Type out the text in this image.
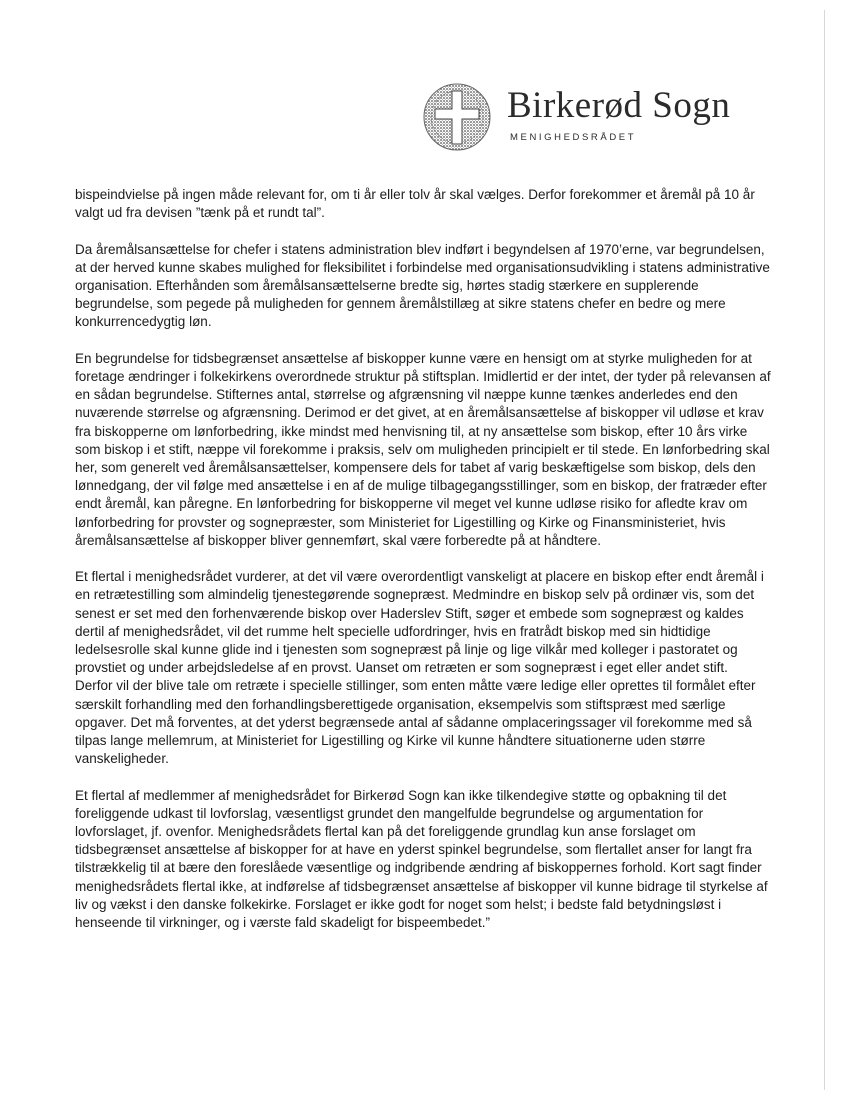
Birkerød Sogn
MENIGHEDSRÅDET

bispeindvielse på ingen måde relevant for, om ti år eller tolv år skal vælges. Derfor forekommer et åremål på 10 år valgt ud fra devisen ”tænk på et rundt tal”.

Da åremålsansættelse for chefer i statens administration blev indført i begyndelsen af 1970’erne, var begrundelsen, at der herved kunne skabes mulighed for fleksibilitet i forbindelse med organisationsudvikling i statens administrative organisation. Efterhånden som åremålsansættelserne bredte sig, hørtes stadig stærkere en supplerende begrundelse, som pegede på muligheden for gennem åremålstillæg at sikre statens chefer en bedre og mere konkurrencedygtig løn.

En begrundelse for tidsbegrænset ansættelse af biskopper kunne være en hensigt om at styrke muligheden for at foretage ændringer i folkekirkens overordnede struktur på stiftsplan. Imidlertid er der intet, der tyder på relevansen af en sådan begrundelse. Stifternes antal, størrelse og afgrænsning vil næppe kunne tænkes anderledes end den nuværende størrelse og afgrænsning. Derimod er det givet, at en åremålsansættelse af biskopper vil udløse et krav fra biskopperne om lønforbedring, ikke mindst med henvisning til, at ny ansættelse som biskop, efter 10 års virke som biskop i et stift, næppe vil forekomme i praksis, selv om muligheden principielt er til stede. En lønforbedring skal her, som generelt ved åremålsansættelser, kompensere dels for tabet af varig beskæftigelse som biskop, dels den lønnedgang, der vil følge med ansættelse i en af de mulige tilbagegangsstillinger, som en biskop, der fratræder efter endt åremål, kan påregne. En lønforbedring for biskopperne vil meget vel kunne udløse risiko for afledte krav om lønforbedring for provster og sognepræster, som Ministeriet for Ligestilling og Kirke og Finansministeriet, hvis åremålsansættelse af biskopper bliver gennemført, skal være forberedte på at håndtere.

Et flertal i menighedsrådet vurderer, at det vil være overordentligt vanskeligt at placere en biskop efter endt åremål i en retrætestilling som almindelig tjenestegørende sognepræst. Medmindre en biskop selv på ordinær vis, som det senest er set med den forhenværende biskop over Haderslev Stift, søger et embede som sognepræst og kaldes dertil af menighedsrådet, vil det rumme helt specielle udfordringer, hvis en fratrådt biskop med sin hidtidige ledelsesrolle skal kunne glide ind i tjenesten som sognepræst på linje og lige vilkår med kolleger i pastoratet og provstiet og under arbejdsledelse af en provst. Uanset om retræten er som sognepræst i eget eller andet stift.

Derfor vil der blive tale om retræte i specielle stillinger, som enten måtte være ledige eller oprettes til formålet efter særskilt forhandling med den forhandlingsberettigede organisation, eksempelvis som stiftspræst med særlige opgaver. Det må forventes, at det yderst begrænsede antal af sådanne omplaceringssager vil forekomme med så tilpas lange mellemrum, at Ministeriet for Ligestilling og Kirke vil kunne håndtere situationerne uden større vanskeligheder.

Et flertal af medlemmer af menighedsrådet for Birkerød Sogn kan ikke tilkendegive støtte og opbakning til det foreliggende udkast til lovforslag, væsentligst grundet den mangelfulde begrundelse og argumentation for lovforslaget, jf. ovenfor. Menighedsrådets flertal kan på det foreliggende grundlag kun anse forslaget om tidsbegrænset ansættelse af biskopper for at have en yderst spinkel begrundelse, som flertallet anser for langt fra tilstrækkelig til at bære den foreslåede væsentlige og indgribende ændring af biskoppernes forhold. Kort sagt finder menighedsrådets flertal ikke, at indførelse af tidsbegrænset ansættelse af biskopper vil kunne bidrage til styrkelse af liv og vækst i den danske folkekirke. Forslaget er ikke godt for noget som helst; i bedste fald betydningsløst i henseende til virkninger, og i værste fald skadeligt for bispeembedet.”
